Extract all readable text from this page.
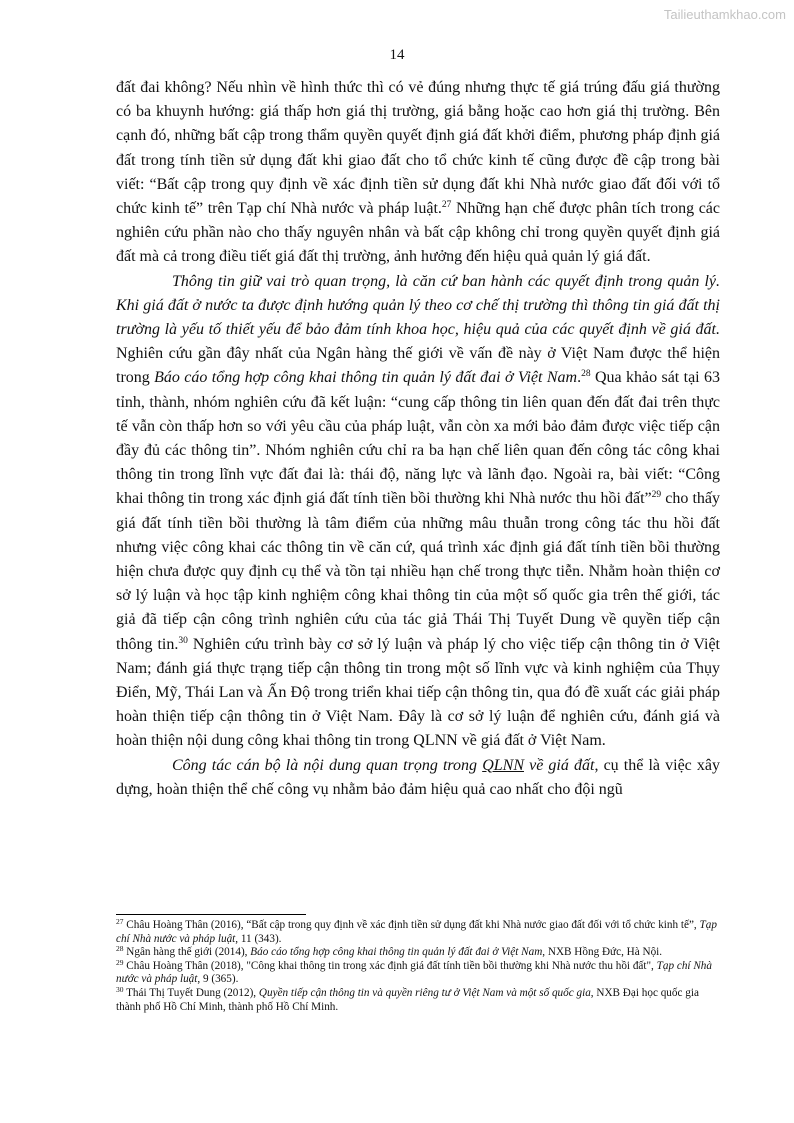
Tailieuthamkhao.com
14

đất đai không? Nếu nhìn về hình thức thì có vẻ đúng nhưng thực tế giá trúng đấu giá thường có ba khuynh hướng: giá thấp hơn giá thị trường, giá bằng hoặc cao hơn giá thị trường. Bên cạnh đó, những bất cập trong thẩm quyền quyết định giá đất khởi điểm, phương pháp định giá đất trong tính tiền sử dụng đất khi giao đất cho tổ chức kinh tế cũng được đề cập trong bài viết: “Bất cập trong quy định về xác định tiền sử dụng đất khi Nhà nước giao đất đối với tổ chức kinh tế” trên Tạp chí Nhà nước và pháp luật.$^{27}$ Những hạn chế được phân tích trong các nghiên cứu phần nào cho thấy nguyên nhân và bất cập không chỉ trong quyền quyết định giá đất mà cả trong điều tiết giá đất thị trường, ảnh hưởng đến hiệu quả quản lý giá đất.

Thông tin giữ vai trò quan trọng, là căn cứ ban hành các quyết định trong quản lý. Khi giá đất ở nước ta được định hướng quản lý theo cơ chế thị trường thì thông tin giá đất thị trường là yếu tố thiết yếu để bảo đảm tính khoa học, hiệu quả của các quyết định về giá đất. Nghiên cứu gần đây nhất của Ngân hàng thế giới về vấn đề này ở Việt Nam được thể hiện trong Báo cáo tổng hợp công khai thông tin quản lý đất đai ở Việt Nam.$^{28}$ Qua khảo sát tại 63 tỉnh, thành, nhóm nghiên cứu đã kết luận: “cung cấp thông tin liên quan đến đất đai trên thực tế vẫn còn thấp hơn so với yêu cầu của pháp luật, vẫn còn xa mới bảo đảm được việc tiếp cận đầy đủ các thông tin”. Nhóm nghiên cứu chỉ ra ba hạn chế liên quan đến công tác công khai thông tin trong lĩnh vực đất đai là: thái độ, năng lực và lãnh đạo. Ngoài ra, bài viết: “Công khai thông tin trong xác định giá đất tính tiền bồi thường khi Nhà nước thu hồi đất”$^{29}$ cho thấy giá đất tính tiền bồi thường là tâm điểm của những mâu thuẫn trong công tác thu hồi đất nhưng việc công khai các thông tin về căn cứ, quá trình xác định giá đất tính tiền bồi thường hiện chưa được quy định cụ thể và tồn tại nhiều hạn chế trong thực tiễn. Nhằm hoàn thiện cơ sở lý luận và học tập kinh nghiệm công khai thông tin của một số quốc gia trên thế giới, tác giả đã tiếp cận công trình nghiên cứu của tác giả Thái Thị Tuyết Dung về quyền tiếp cận thông tin.$^{30}$ Nghiên cứu trình bày cơ sở lý luận và pháp lý cho việc tiếp cận thông tin ở Việt Nam; đánh giá thực trạng tiếp cận thông tin trong một số lĩnh vực và kinh nghiệm của Thụy Điển, Mỹ, Thái Lan và Ấn Độ trong triển khai tiếp cận thông tin, qua đó đề xuất các giải pháp hoàn thiện tiếp cận thông tin ở Việt Nam. Đây là cơ sở lý luận để nghiên cứu, đánh giá và hoàn thiện nội dung công khai thông tin trong QLNN về giá đất ở Việt Nam.

Công tác cán bộ là nội dung quan trọng trong QLNN về giá đất, cụ thể là việc xây dựng, hoàn thiện thể chế công vụ nhằm bảo đảm hiệu quả cao nhất cho đội ngũ

$^{27}$ Châu Hoàng Thân (2016), “Bất cập trong quy định về xác định tiền sử dụng đất khi Nhà nước giao đất đối với tổ chức kinh tế”, Tạp chí Nhà nước và pháp luật, 11 (343).

$^{28}$ Ngân hàng thế giới (2014), Báo cáo tổng hợp công khai thông tin quản lý đất đai ở Việt Nam, NXB Hồng Đức, Hà Nội.

$^{29}$ Châu Hoàng Thân (2018), "Công khai thông tin trong xác định giá đất tính tiền bồi thường khi Nhà nước thu hồi đất", Tạp chí Nhà nước và pháp luật, 9 (365).

$^{30}$ Thái Thị Tuyết Dung (2012), Quyền tiếp cận thông tin và quyền riêng tư ở Việt Nam và một số quốc gia, NXB Đại học quốc gia thành phố Hồ Chí Minh, thành phố Hồ Chí Minh.
